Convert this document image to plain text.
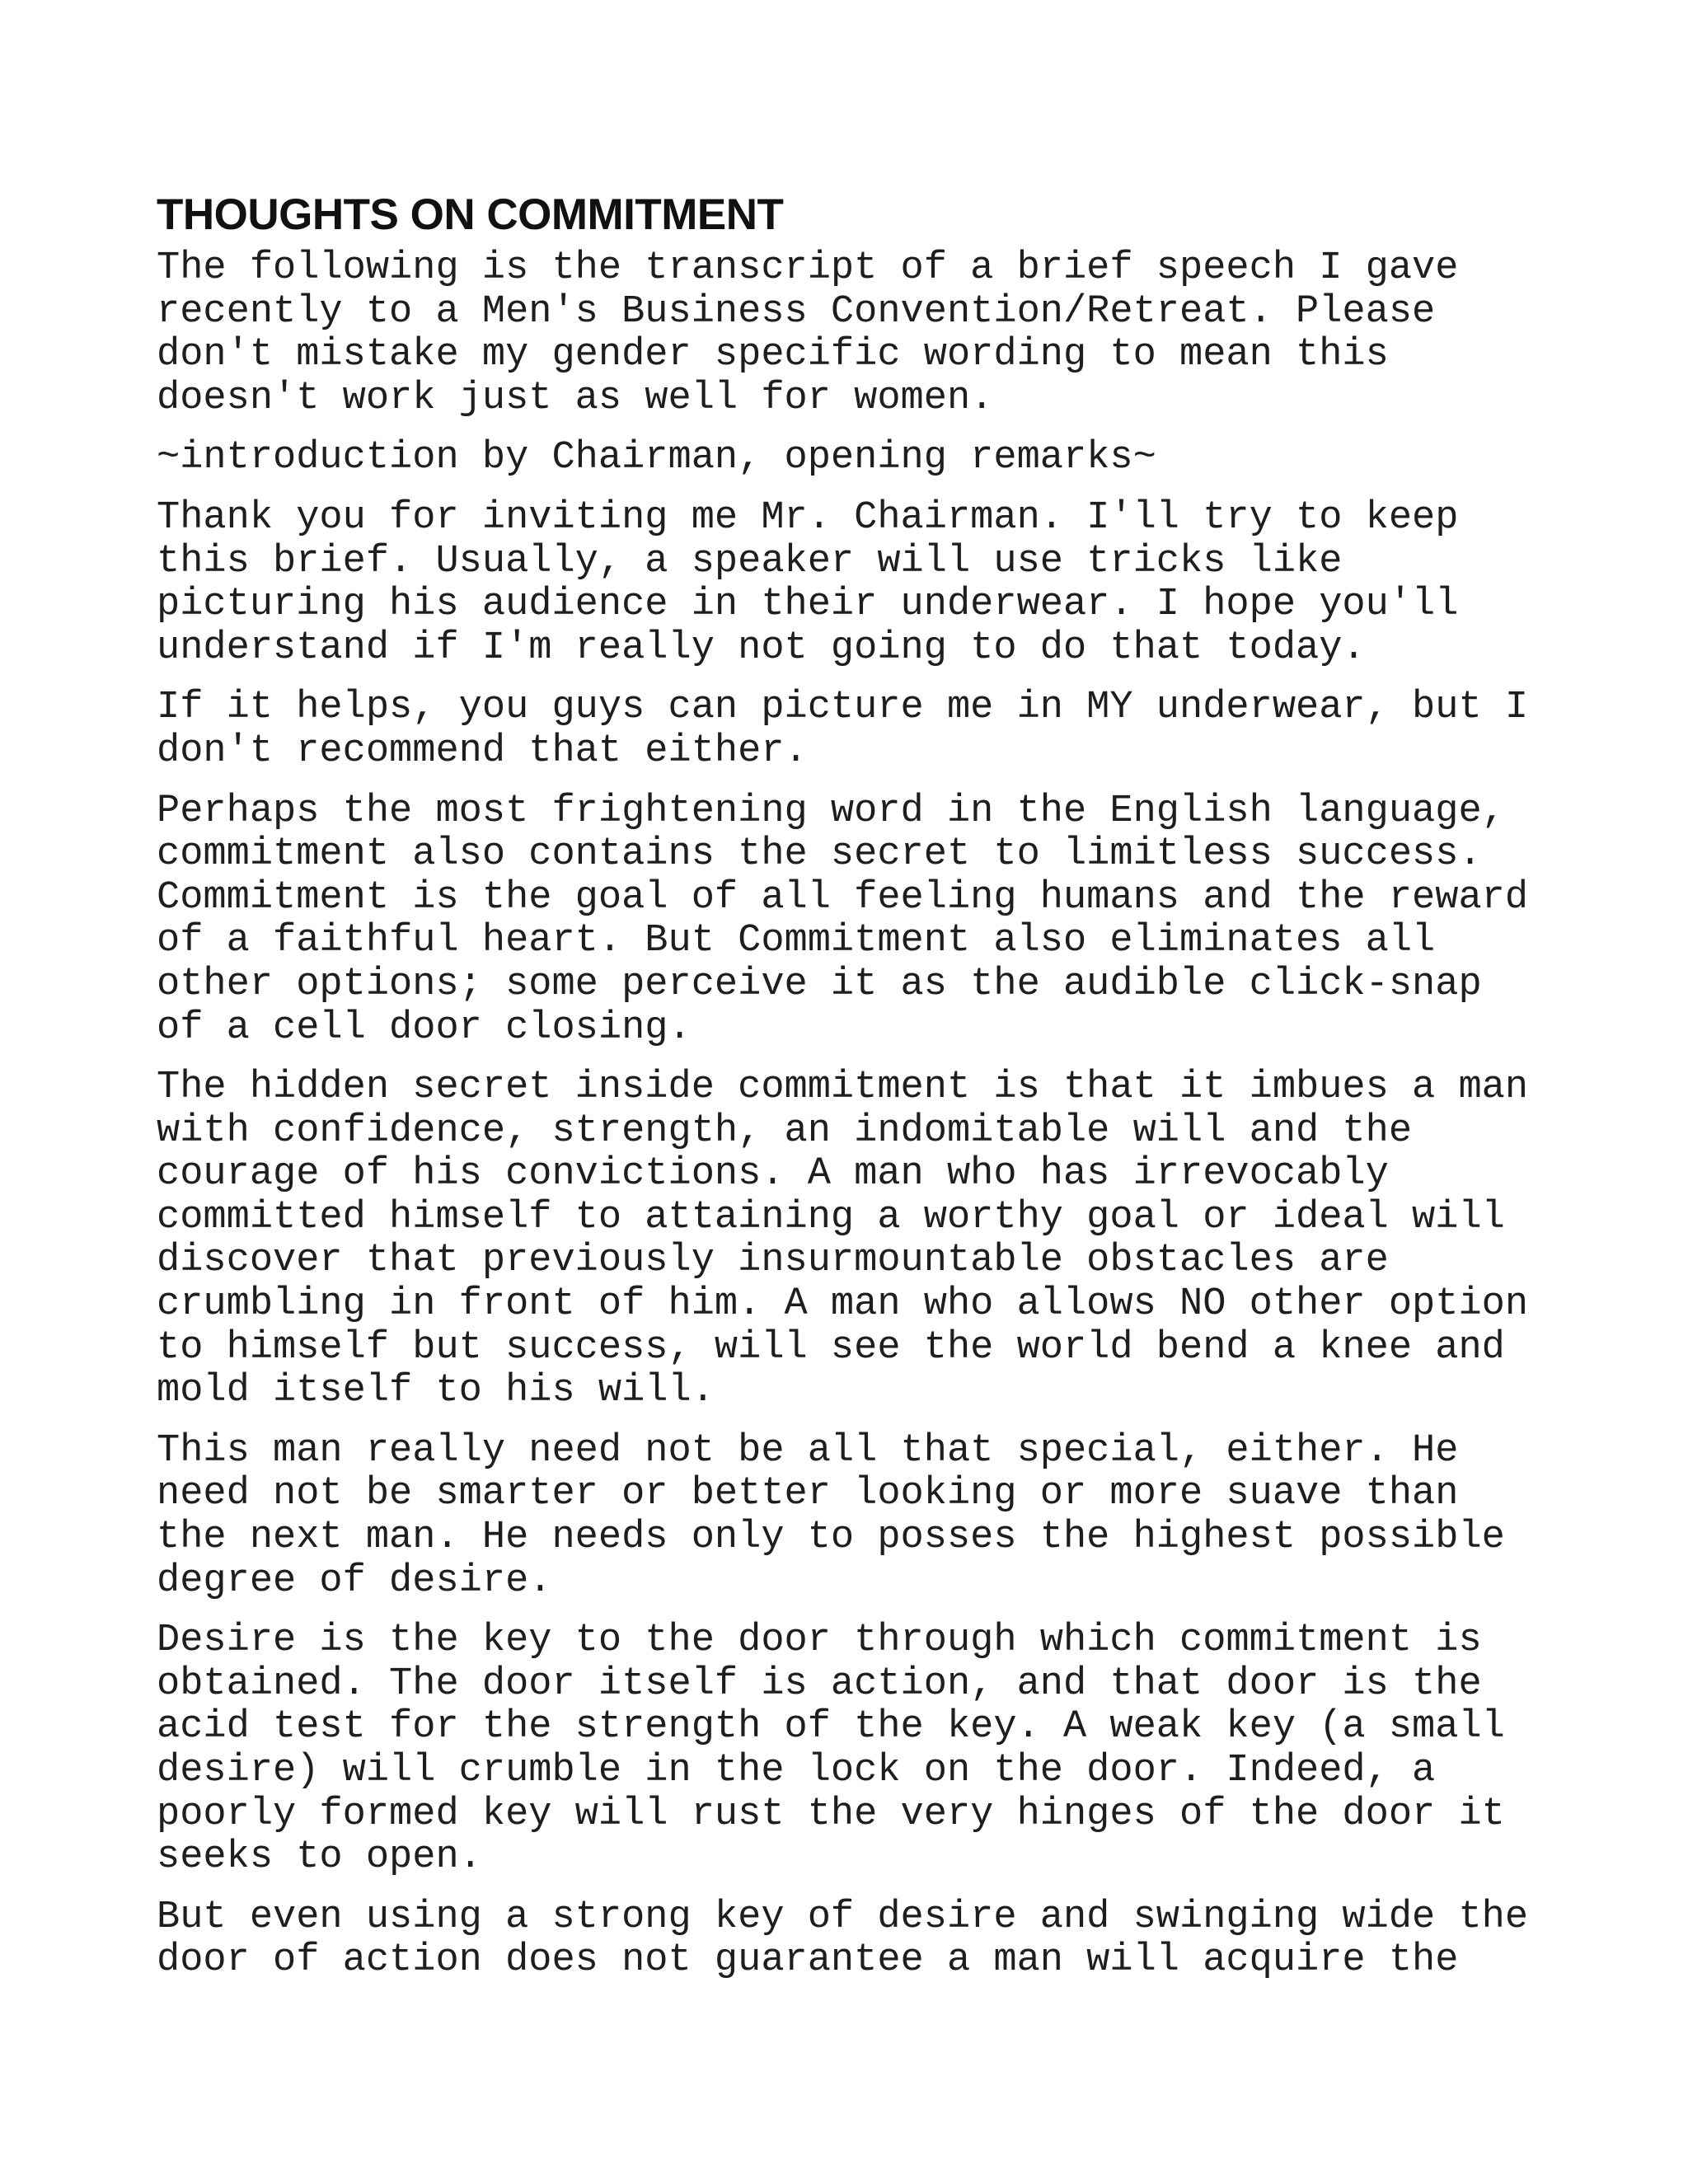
THOUGHTS ON COMMITMENT

The following is the transcript of a brief speech I gave
recently to a Men's Business Convention/Retreat. Please
don't mistake my gender specific wording to mean this
doesn't work just as well for women.

~introduction by Chairman, opening remarks~

Thank you for inviting me Mr. Chairman. I'll try to keep
this brief. Usually, a speaker will use tricks like
picturing his audience in their underwear. I hope you'll
understand if I'm really not going to do that today.

If it helps, you guys can picture me in MY underwear, but I
don't recommend that either.

Perhaps the most frightening word in the English language,
commitment also contains the secret to limitless success.
Commitment is the goal of all feeling humans and the reward
of a faithful heart. But Commitment also eliminates all
other options; some perceive it as the audible click-snap
of a cell door closing.

The hidden secret inside commitment is that it imbues a man
with confidence, strength, an indomitable will and the
courage of his convictions. A man who has irrevocably
committed himself to attaining a worthy goal or ideal will
discover that previously insurmountable obstacles are
crumbling in front of him. A man who allows NO other option
to himself but success, will see the world bend a knee and
mold itself to his will.

This man really need not be all that special, either. He
need not be smarter or better looking or more suave than
the next man. He needs only to posses the highest possible
degree of desire.

Desire is the key to the door through which commitment is
obtained. The door itself is action, and that door is the
acid test for the strength of the key. A weak key (a small
desire) will crumble in the lock on the door. Indeed, a
poorly formed key will rust the very hinges of the door it
seeks to open.

But even using a strong key of desire and swinging wide the
door of action does not guarantee a man will acquire the
